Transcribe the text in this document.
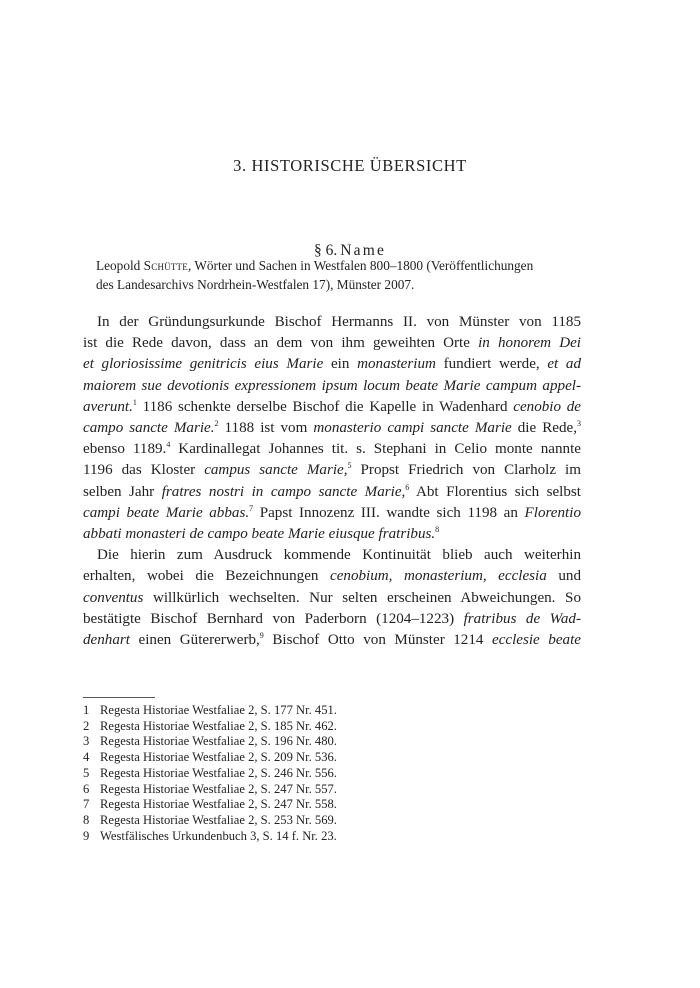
3. HISTORISCHE ÜBERSICHT
§ 6. Name
Leopold Schütte, Wörter und Sachen in Westfalen 800–1800 (Veröffentlichungen
des Landesarchivs Nordrhein-Westfalen 17), Münster 2007.
In der Gründungsurkunde Bischof Hermanns II. von Münster von 1185
ist die Rede davon, dass an dem von ihm geweihten Orte in honorem Dei
et gloriosissime genitricis eius Marie ein monasterium fundiert werde, et ad
maiorem sue devotionis expressionem ipsum locum beate Marie campum appel-
averunt.$^1$ 1186 schenkte derselbe Bischof die Kapelle in Wadenhard cenobio de
campo sancte Marie.$^2$ 1188 ist vom monasterio campi sancte Marie die Rede,$^3$
ebenso 1189.$^4$ Kardinallegat Johannes tit. s. Stephani in Celio monte nannte
1196 das Kloster campus sancte Marie,$^5$ Propst Friedrich von Clarholz im
selben Jahr fratres nostri in campo sancte Marie,$^6$ Abt Florentius sich selbst
campi beate Marie abbas.$^7$ Papst Innozenz III. wandte sich 1198 an Florentio
abbati monasteri de campo beate Marie eiusque fratribus.$^8$
Die hierin zum Ausdruck kommende Kontinuität blieb auch weiterhin
erhalten, wobei die Bezeichnungen cenobium, monasterium, ecclesia und
conventus willkürlich wechselten. Nur selten erscheinen Abweichungen. So
bestätigte Bischof Bernhard von Paderborn (1204–1223) fratribus de Wad-
denhart einen Gütererwerb,$^9$ Bischof Otto von Münster 1214 ecclesie beate
1 Regesta Historiae Westfaliae 2, S. 177 Nr. 451.
2 Regesta Historiae Westfaliae 2, S. 185 Nr. 462.
3 Regesta Historiae Westfaliae 2, S. 196 Nr. 480.
4 Regesta Historiae Westfaliae 2, S. 209 Nr. 536.
5 Regesta Historiae Westfaliae 2, S. 246 Nr. 556.
6 Regesta Historiae Westfaliae 2, S. 247 Nr. 557.
7 Regesta Historiae Westfaliae 2, S. 247 Nr. 558.
8 Regesta Historiae Westfaliae 2, S. 253 Nr. 569.
9 Westfälisches Urkundenbuch 3, S. 14 f. Nr. 23.
